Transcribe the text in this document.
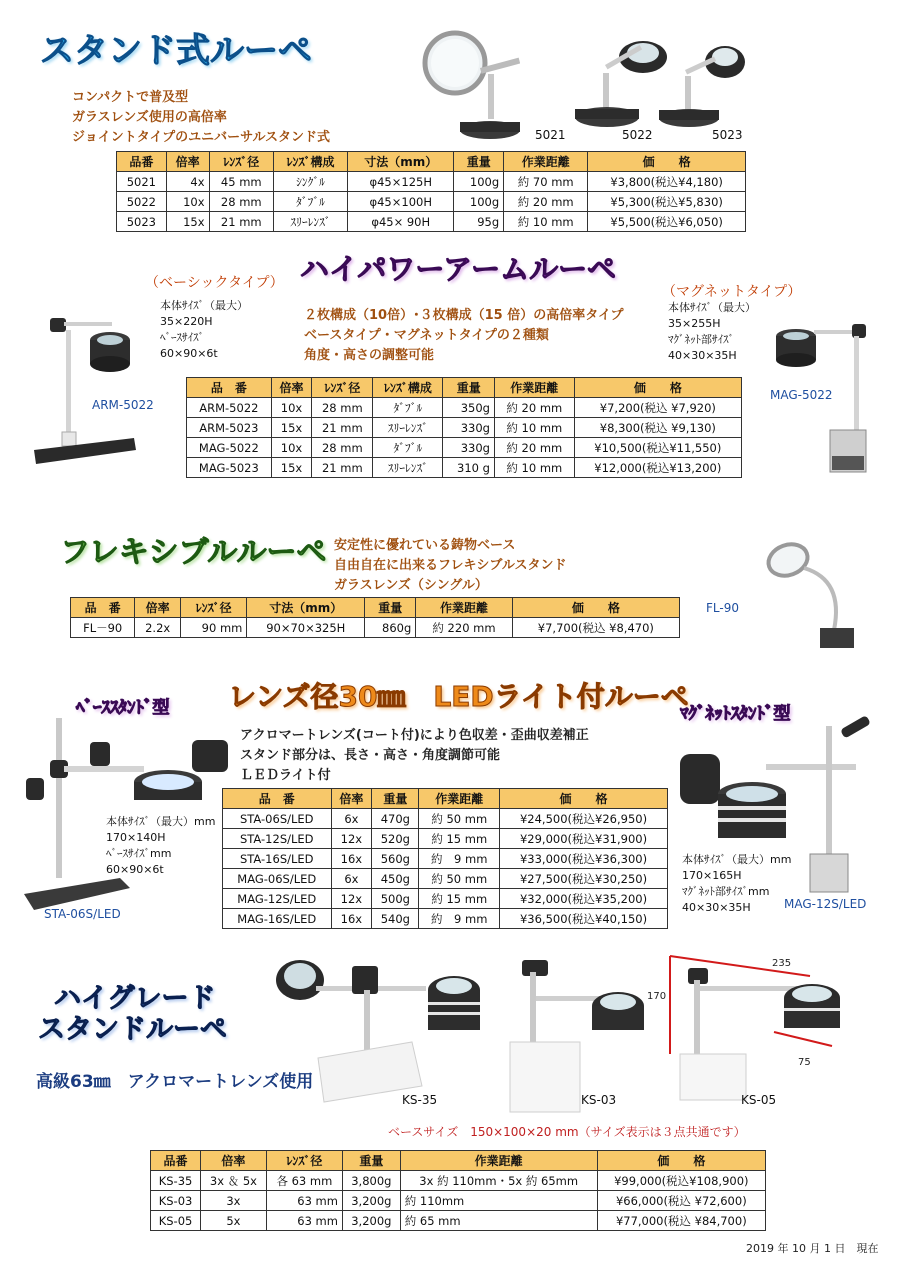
スタンド式ルーペ
コンパクトで普及型
ガラスレンズ使用の高倍率
ジョイントタイプのユニバーサルスタンド式	5021	5022	5023
品番	倍率	ﾚﾝｽﾞ径	ﾚﾝｽﾞ構成	寸法（mm）	重量	作業距離	価　　格
5021	4x	45 mm	ｼﾝｸﾞﾙ	φ45×125H	100g	約 70 mm	¥3,800(税込¥4,180)
5022	10x	28 mm	ﾀﾞﾌﾞﾙ	φ45×100H	100g	約 20 mm	¥5,300(税込¥5,830)
5023	15x	21 mm	ｽﾘｰﾚﾝｽﾞ	φ45× 90H	95g	約 10 mm	¥5,500(税込¥6,050)
ハイパワーアームルーペ
（ベーシックタイプ）
（マグネットタイプ）
本体ｻｲｽﾞ（最大）
35×220H
ﾍﾞｰｽｻｲｽﾞ
60×90×6t
本体ｻｲｽﾞ（最大）
35×255H
ﾏｸﾞﾈｯﾄ部ｻｲｽﾞ
40×30×35H
２枚構成（10倍）･３枚構成（15 倍）の高倍率タイプ
ベースタイプ・マグネットタイプの２種類
角度・高さの調整可能
ARM-5022
MAG-5022
品　番	倍率	ﾚﾝｽﾞ径	ﾚﾝｽﾞ構成	重量	作業距離	価　　格
ARM-5022	10x	28 mm	ﾀﾞﾌﾞﾙ	350g	約 20 mm	¥7,200(税込 ¥7,920)
ARM-5023	15x	21 mm	ｽﾘｰﾚﾝｽﾞ	330g	約 10 mm	¥8,300(税込 ¥9,130)
MAG-5022	10x	28 mm	ﾀﾞﾌﾞﾙ	330g	約 20 mm	¥10,500(税込¥11,550)
MAG-5023	15x	21 mm	ｽﾘｰﾚﾝｽﾞ	310 g	約 10 mm	¥12,000(税込¥13,200)
フレキシブルルーペ 安定性に優れている鋳物ベース
自由自在に出来るフレキシブルスタンド
ガラスレンズ（シングル）
FL-90
品　番	倍率	ﾚﾝｽﾞ径	寸法（mm）	重量	作業距離	価　　格
FL－90	2.2x	90 mm	90×70×325H	860g	約 220 mm	¥7,700(税込 ¥8,470)
レンズ径30㎜　LEDライト付ルーペ
ﾍﾞｰｽｽﾀﾝﾄﾞ型	ﾏｸﾞﾈｯﾄｽﾀﾝﾄﾞ型
アクロマートレンズ(コート付)により色収差・歪曲収差補正
スタンド部分は、長さ・高さ・角度調節可能
ＬＥＤライト付
本体ｻｲｽﾞ（最大）mm
170×140H
ﾍﾞｰｽｻｲｽﾞmm
60×90×6t
STA-06S/LED
本体ｻｲｽﾞ（最大）mm
170×165H
ﾏｸﾞﾈｯﾄ部ｻｲｽﾞmm
40×30×35H	MAG-12S/LED
品　番	倍率	重量	作業距離	価　　格
STA-06S/LED	6x	470g	約 50 mm	¥24,500(税込¥26,950)
STA-12S/LED	12x	520g	約 15 mm	¥29,000(税込¥31,900)
STA-16S/LED	16x	560g	約　9 mm	¥33,000(税込¥36,300)
MAG-06S/LED	6x	450g	約 50 mm	¥27,500(税込¥30,250)
MAG-12S/LED	12x	500g	約 15 mm	¥32,000(税込¥35,200)
MAG-16S/LED	16x	540g	約　9 mm	¥36,500(税込¥40,150)
ハイグレード
スタンドルーペ
高級63㎜　アクロマートレンズ使用
235
170
75
KS-35	KS-03	KS-05
ベースサイズ　150×100×20 mm（サイズ表示は３点共通です）
品番	倍率	ﾚﾝｽﾞ径	重量	作業距離	価　　格
KS-35	3x ＆ 5x	各 63 mm	3,800g	3x 約 110mm・5x 約 65mm	¥99,000(税込¥108,900)
KS-03	3x	63 mm	3,200g	約 110mm	¥66,000(税込 ¥72,600)
KS-05	5x	63 mm	3,200g	約 65 mm	¥77,000(税込 ¥84,700)
2019 年 10 月 1 日　現在
